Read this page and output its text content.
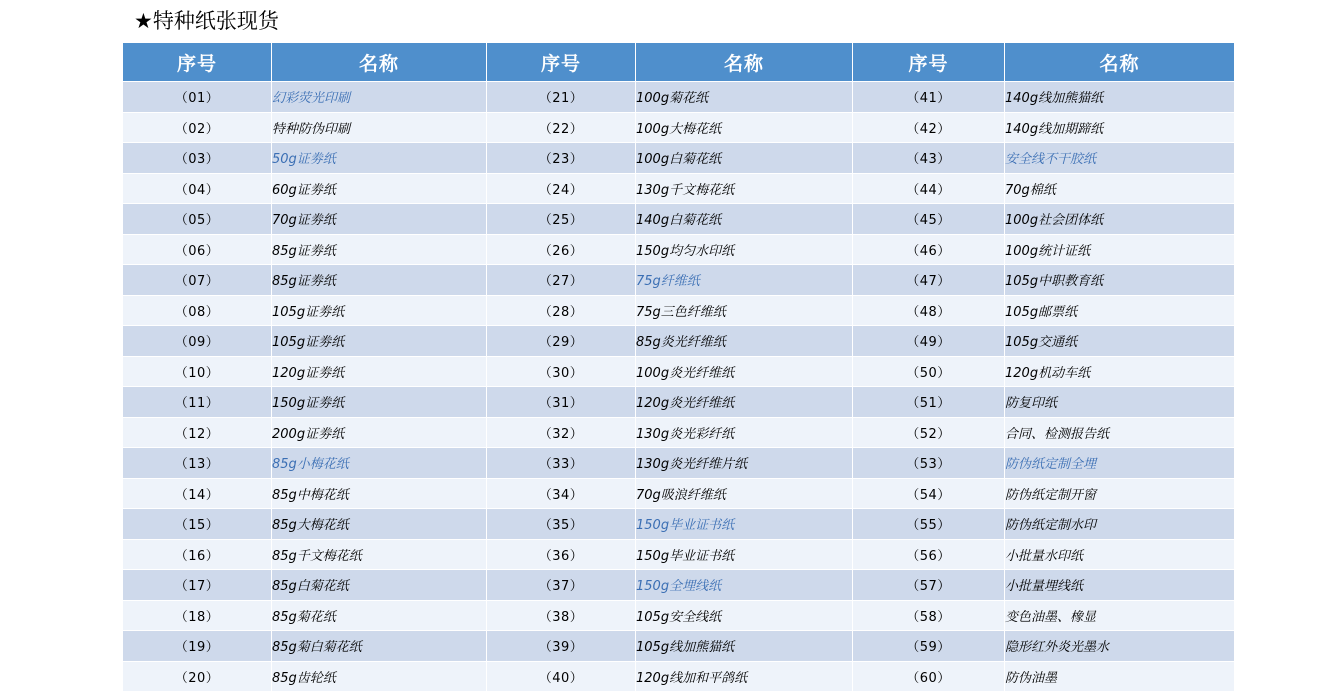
★特种纸张现货
序号	名称	序号	名称	序号	名称
（01）	幻彩荧光印刷	（21）	100g菊花纸	（41）	140g线加熊猫纸
（02）	特种防伪印刷	（22）	100g大梅花纸	（42）	140g线加期蹄纸
（03）	50g证劵纸	（23）	100g白菊花纸	（43）	安全线不干胶纸
（04）	60g证劵纸	（24）	130g千文梅花纸	（44）	70g棉纸
（05）	70g证劵纸	（25）	140g白菊花纸	（45）	100g社会团体纸
（06）	85g证劵纸	（26）	150g均匀水印纸	（46）	100g统计证纸
（07）	85g证劵纸	（27）	75g纤维纸	（47）	105g中职教育纸
（08）	105g证劵纸	（28）	75g三色纤维纸	（48）	105g邮票纸
（09）	105g证劵纸	（29）	85g炎光纤维纸	（49）	105g交通纸
（10）	120g证劵纸	（30）	100g炎光纤维纸	（50）	120g机动车纸
（11）	150g证劵纸	（31）	120g炎光纤维纸	（51）	防复印纸
（12）	200g证劵纸	（32）	130g炎光彩纤纸	（52）	合同、检测报告纸
（13）	85g小梅花纸	（33）	130g炎光纤维片纸	（53）	防伪纸定制全埋
（14）	85g中梅花纸	（34）	70g吸浪纤维纸	（54）	防伪纸定制开窗
（15）	85g大梅花纸	（35）	150g毕业证书纸	（55）	防伪纸定制水印
（16）	85g千文梅花纸	（36）	150g毕业证书纸	（56）	小批量水印纸
（17）	85g白菊花纸	（37）	150g全埋线纸	（57）	小批量埋线纸
（18）	85g菊花纸	（38）	105g安全线纸	（58）	变色油墨、橡显
（19）	85g菊白菊花纸	（39）	105g线加熊猫纸	（59）	隐形红外炎光墨水
（20）	85g齿轮纸	（40）	120g线加和平鸽纸	（60）	防伪油墨
